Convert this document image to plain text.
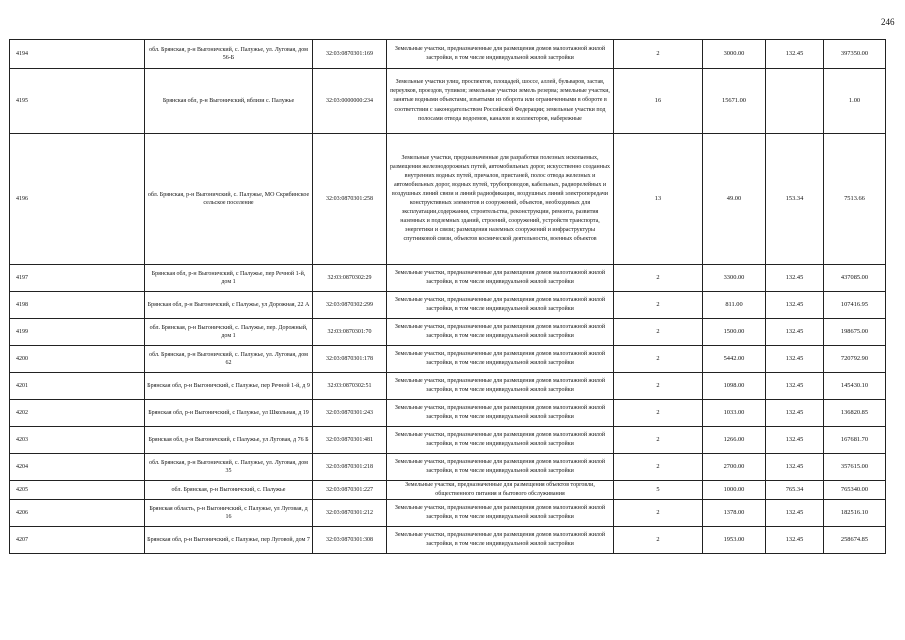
246
4194	обл. Брянская, р-н Выгоничский, с. Палужье, ул. Луговая, дом 56-Б	32:03:0870301:169	Земельные участки, предназначенные для размещения домов малоэтажной жилой застройки, в том числе индивидуальной жилой застройки	2	3000.00	132.45	397350.00
4195	Брянская обл, р-н Выгоничский, вблизи с. Палужье	32:03:0000000:234	Земельные участки улиц, проспектов, площадей, шоссе, аллей, бульваров, застав, переулков, проездов, тупиков; земельные участки земель резерва; земельные участки, занятые водными объектами, изъятыми из оборота или ограниченными в обороте в соответствии с законодательством Российской Федерации; земельные участки под полосами отвода водоемов, каналов и коллекторов, набережные	16	15671.00		1.00
4196	обл. Брянская, р-н Выгоничский, с. Палужье, МО Скрябинское сельское поселение	32:03:0870301:258	Земельные участки, предназначенные для разработки полезных ископаемых, размещения железнодорожных путей, автомобильных дорог, искусственно созданных внутренних водных путей, причалов, пристаней, полос отвода железных и автомобильных дорог, водных путей, трубопроводов, кабельных, радиорелейных и воздушных линий связи и линий радиофикации, воздушных линий электропередачи конструктивных элементов и сооружений, объектов, необходимых для эксплуатации,содержания, строительства, реконструкции, ремонта, развития наземных и подземных зданий, строений, сооружений, устройств транспорта, энергетики и связи; размещения наземных сооружений и инфраструктуры спутниковой связи, объектов космической деятельности, военных объектов	13	49.00	153.34	7513.66
4197	Брянская обл, р-н Выгоничский, с Палужье, пер Речной 1-й, дом 1	32:03:0870302:29	Земельные участки, предназначенные для размещения домов малоэтажной жилой застройки, в том числе индивидуальной жилой застройки	2	3300.00	132.45	437085.00
4198	Брянская обл, р-н Выгоничский, с Палужье, ул Дорожная, 22 А	32:03:0870302:299	Земельные участки, предназначенные для размещения домов малоэтажной жилой застройки, в том числе индивидуальной жилой застройки	2	811.00	132.45	107416.95
4199	обл. Брянская, р-н Выгоничский, с. Палужье, пер. Дорожный, дом 1	32:03:0870301:70	Земельные участки, предназначенные для размещения домов малоэтажной жилой застройки, в том числе индивидуальной жилой застройки	2	1500.00	132.45	198675.00
4200	обл. Брянская, р-н Выгоничский, с. Палужье, ул. Луговая, дом 62	32:03:0870301:178	Земельные участки, предназначенные для размещения домов малоэтажной жилой застройки, в том числе индивидуальной жилой застройки	2	5442.00	132.45	720792.90
4201	Брянская обл, р-н Выгоничский, с Палужье, пер Речной 1-й, д 9	32:03:0870302:51	Земельные участки, предназначенные для размещения домов малоэтажной жилой застройки, в том числе индивидуальной жилой застройки	2	1098.00	132.45	145430.10
4202	Брянская обл, р-н Выгоничский, с Палужье, ул Школьная, д 19	32:03:0870301:243	Земельные участки, предназначенные для размещения домов малоэтажной жилой застройки, в том числе индивидуальной жилой застройки	2	1033.00	132.45	136820.85
4203	Брянская обл, р-н Выгоничский, с Палужье, ул Луговая, д 76 Б	32:03:0870301:481	Земельные участки, предназначенные для размещения домов малоэтажной жилой застройки, в том числе индивидуальной жилой застройки	2	1266.00	132.45	167681.70
4204	обл. Брянская, р-н Выгоничский, с. Палужье, ул. Луговая, дом 35	32:03:0870301:218	Земельные участки, предназначенные для размещения домов малоэтажной жилой застройки, в том числе индивидуальной жилой застройки	2	2700.00	132.45	357615.00
4205	обл. Брянская, р-н Выгоничский, с. Палужье	32:03:0870301:227	Земельные участки, предназначенные для размещения объектов торговли, общественного питания и бытового обслуживания	5	1000.00	765.34	765340.00
4206	Брянская область, р-н Выгоничский, с Палужье, ул Луговая, д 16	32:03:0870301:212	Земельные участки, предназначенные для размещения домов малоэтажной жилой застройки, в том числе индивидуальной жилой застройки	2	1378.00	132.45	182516.10
4207	Брянская обл, р-н Выгоничский, с Палужье, пер Луговой, дом 7	32:03:0870301:308	Земельные участки, предназначенные для размещения домов малоэтажной жилой застройки, в том числе индивидуальной жилой застройки	2	1953.00	132.45	258674.85
